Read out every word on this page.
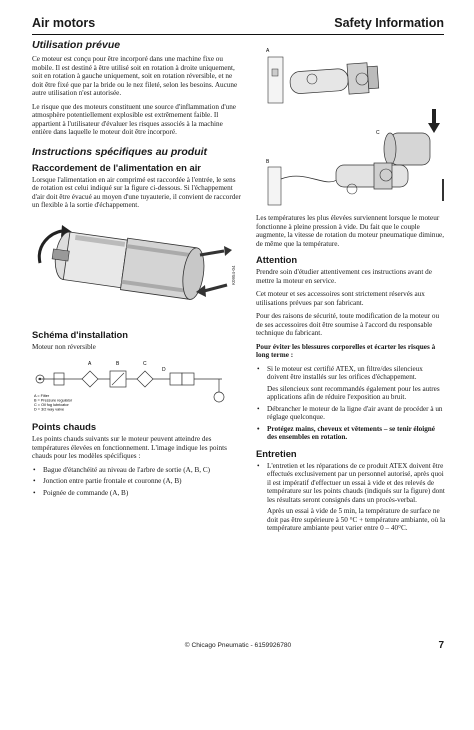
Air motors	Safety Information
Utilisation prévue

Ce moteur est conçu pour être incorporé dans une machine fixe ou mobile. Il est destiné à être utilisé soit en rotation à droite uniquement, soit en rotation à gauche uniquement, soit en rotation réversible, et ne doit être fixé que par la bride ou le nez fileté, selon les besoins. Aucune autre utilisation n'est autorisée.

Le risque que des moteurs constituent une source d'inflammation d'une atmosphère potentiellement explosible est extrêmement faible. Il appartient à l'utilisateur d'évaluer les risques associés à la machine entière dans laquelle le moteur doit être incorporé.

Instructions spécifiques au produit
Raccordement de l'alimentation en air

Lorsque l'alimentation en air comprimé est raccordée à l'entrée, le sens de rotation est celui indiqué sur la figure ci-dessous. Si l'échappement d'air doit être évacué au moyen d'une tuyauterie, il convient de raccorder un flexible à la sortie d'échappement.

K0954-04
Schéma d'installation

Moteur non réversible

A	B	C
D
A = Filter
B = Pressure regulator
C = Oil fog lubricator
D = 3/2 way valve
Points chauds

Les points chauds suivants sur le moteur peuvent atteindre des températures élevées en fonctionnement. L'image indique les points chauds pour les modèles spécifiques :

• Bague d'étanchéité au niveau de l'arbre de sortie (A, B, C)
• Jonction entre partie frontale et couronne (A, B)
• Poignée de commande (A, B)
A
C
B

Les températures les plus élevées surviennent lorsque le moteur fonctionne à pleine pression à vide. Du fait que le couple augmente, la vitesse de rotation du moteur pneumatique diminue, de même que la température.

Attention

Prendre soin d'étudier attentivement ces instructions avant de mettre la moteur en service.

Cet moteur et ses accessoires sont strictement réservés aux utilisations prévues par son fabricant.

Pour des raisons de sécurité, toute modification de la moteur ou de ses accessoires doit être soumise à l'accord du responsable technique du fabricant.

Pour éviter les blessures corporelles et écarter les risques à long terme :

• Si le moteur est certifié ATEX, un filtre/des silencieux doivent être installés sur les orifices d'échappement.
Des silencieux sont recommandés également pour les autres applications afin de réduire l'exposition au bruit.
• Débrancher le moteur de la ligne d'air avant de procéder à un réglage quelconque.
• Protégez mains, cheveux et vêtements – se tenir éloigné des ensembles en rotation.
Entretien
• L'entretien et les réparations de ce produit ATEX doivent être effectués exclusivement par un personnel autorisé, après quoi il est impératif d'effectuer un essai à vide et des relevés de température sur les points chauds (indiqués sur la figure) dont les résultats seront consignés dans un procès-verbal.
Après un essai à vide de 5 min, la température de surface ne doit pas être supérieure à 50 °C + température ambiante, où la température ambiante peut varier entre 0 – 40°C.
© Chicago Pneumatic - 6159926780	7
